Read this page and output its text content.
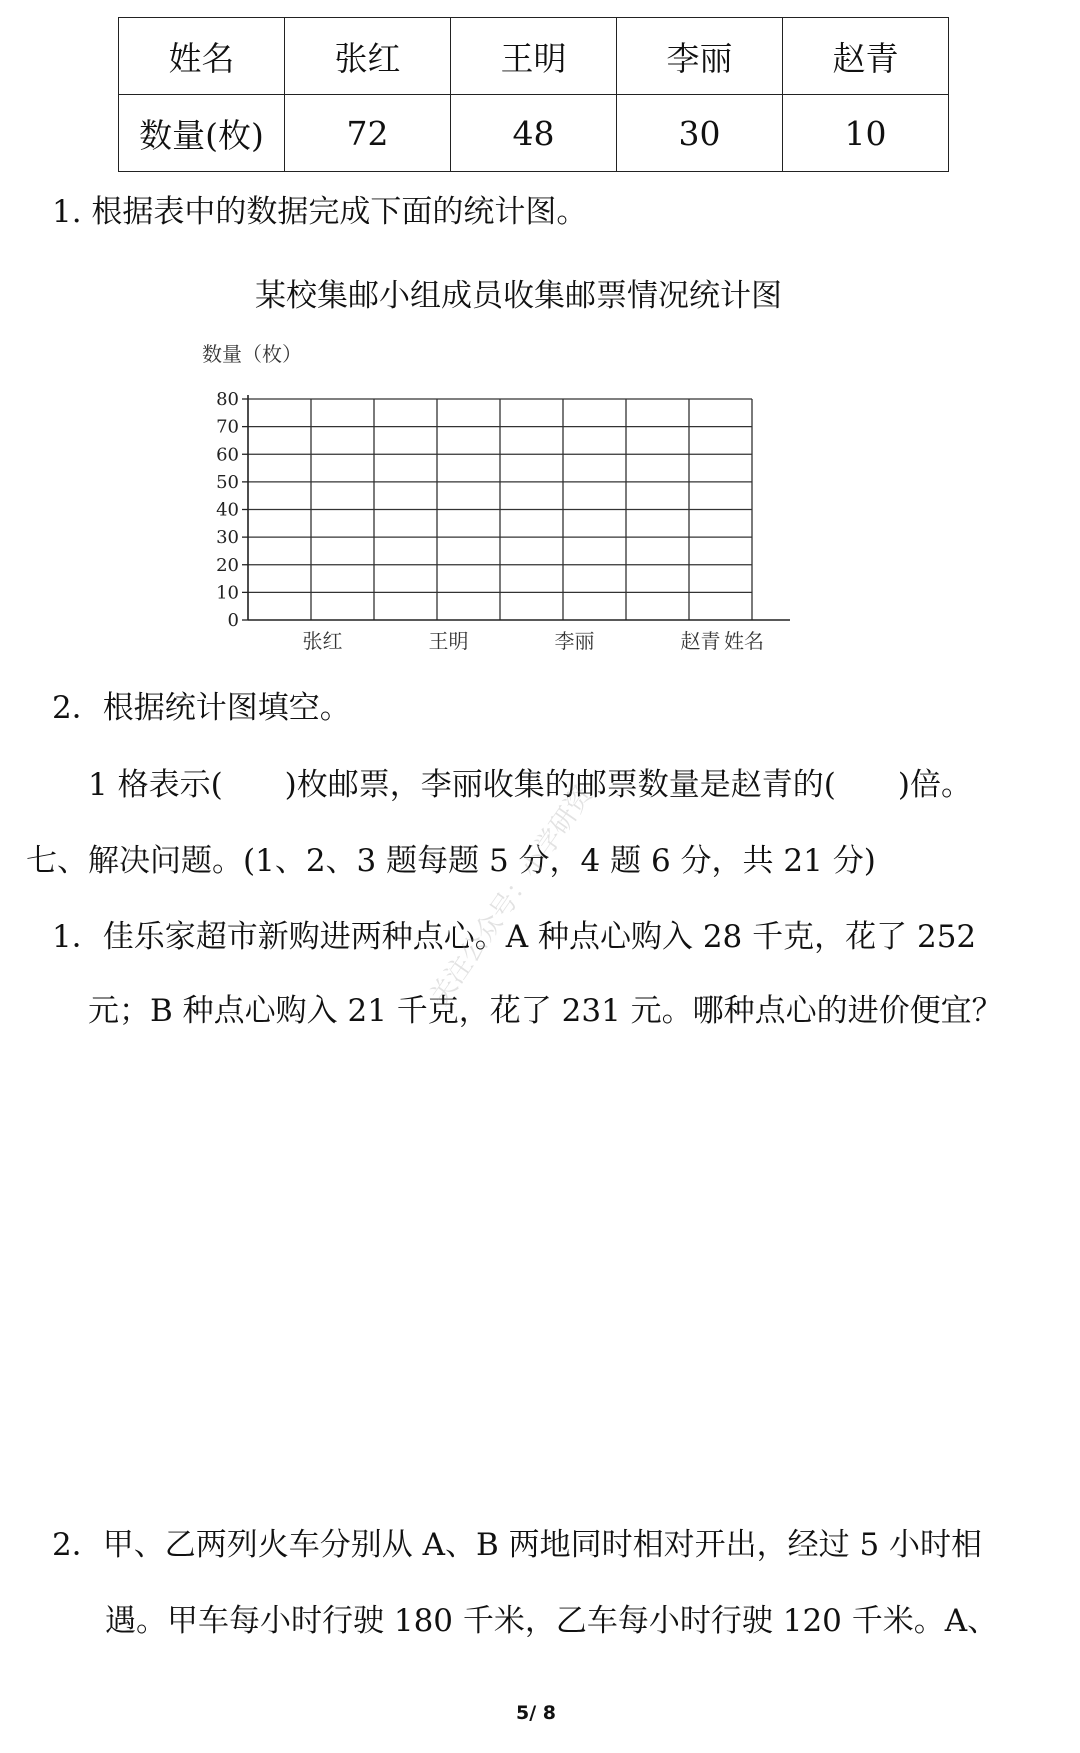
姓名	张红	王明	李丽	赵青
数量(枚)	72	48	30	10
1. 根据表中的数据完成下面的统计图。
某校集邮小组成员收集邮票情况统计图
0
10
20
30
40
50
60
70
80
数量（枚）
张红	王明	李丽	赵青 姓名
2．根据统计图填空。
1 格表示(　　)枚邮票，李丽收集的邮票数量是赵青的(　　)倍。
七、解决问题。(1、2、3 题每题 5 分，4 题 6 分，共 21 分)
1．佳乐家超市新购进两种点心。A 种点心购入 28 千克，花了 252
元；B 种点心购入 21 千克，花了 231 元。哪种点心的进价便宜？
2．甲、乙两列火车分别从 A、B 两地同时相对开出，经过 5 小时相
遇。甲车每小时行驶 180 千米，乙车每小时行驶 120 千米。A、
关注公众号：小学研资
5/ 8
